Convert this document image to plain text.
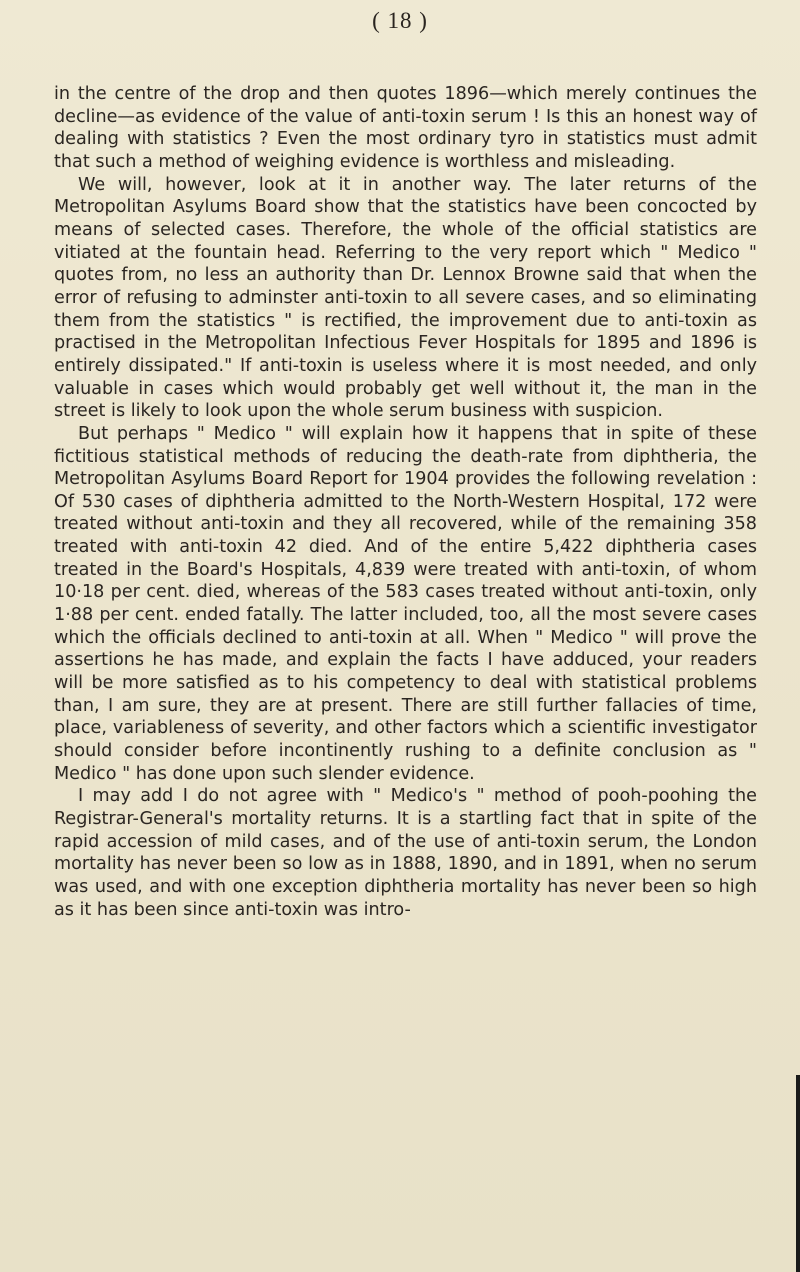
( 18 )

in the centre of the drop and then quotes 1896—which merely continues the decline—as evidence of the value of anti-toxin serum ! Is this an honest way of dealing with statistics ? Even the most ordinary tyro in statistics must admit that such a method of weighing evidence is worthless and misleading.

We will, however, look at it in another way. The later returns of the Metropolitan Asylums Board show that the statistics have been concocted by means of selected cases. Therefore, the whole of the official statistics are vitiated at the fountain head. Referring to the very report which " Medico " quotes from, no less an authority than Dr. Lennox Browne said that when the error of refusing to adminster anti-toxin to all severe cases, and so eliminating them from the statistics " is rectified, the improvement due to anti-toxin as practised in the Metropolitan Infectious Fever Hospitals for 1895 and 1896 is entirely dissipated." If anti-toxin is useless where it is most needed, and only valuable in cases which would probably get well without it, the man in the street is likely to look upon the whole serum business with suspicion.

But perhaps " Medico " will explain how it happens that in spite of these fictitious statistical methods of reducing the death-rate from diphtheria, the Metropolitan Asylums Board Report for 1904 provides the following revelation : Of 530 cases of diphtheria admitted to the North-Western Hospital, 172 were treated without anti-toxin and they all recovered, while of the remaining 358 treated with anti-toxin 42 died. And of the entire 5,422 diphtheria cases treated in the Board's Hospitals, 4,839 were treated with anti-toxin, of whom 10·18 per cent. died, whereas of the 583 cases treated without anti-toxin, only 1·88 per cent. ended fatally. The latter included, too, all the most severe cases which the officials declined to anti-toxin at all. When " Medico " will prove the assertions he has made, and explain the facts I have adduced, your readers will be more satisfied as to his competency to deal with statistical problems than, I am sure, they are at present. There are still further fallacies of time, place, variableness of severity, and other factors which a scientific investigator should consider before incontinently rushing to a definite conclusion as " Medico " has done upon such slender evidence.

I may add I do not agree with " Medico's " method of pooh-poohing the Registrar-General's mortality returns. It is a startling fact that in spite of the rapid accession of mild cases, and of the use of anti-toxin serum, the London mortality has never been so low as in 1888, 1890, and in 1891, when no serum was used, and with one exception diphtheria mortality has never been so high as it has been since anti-toxin was intro-
